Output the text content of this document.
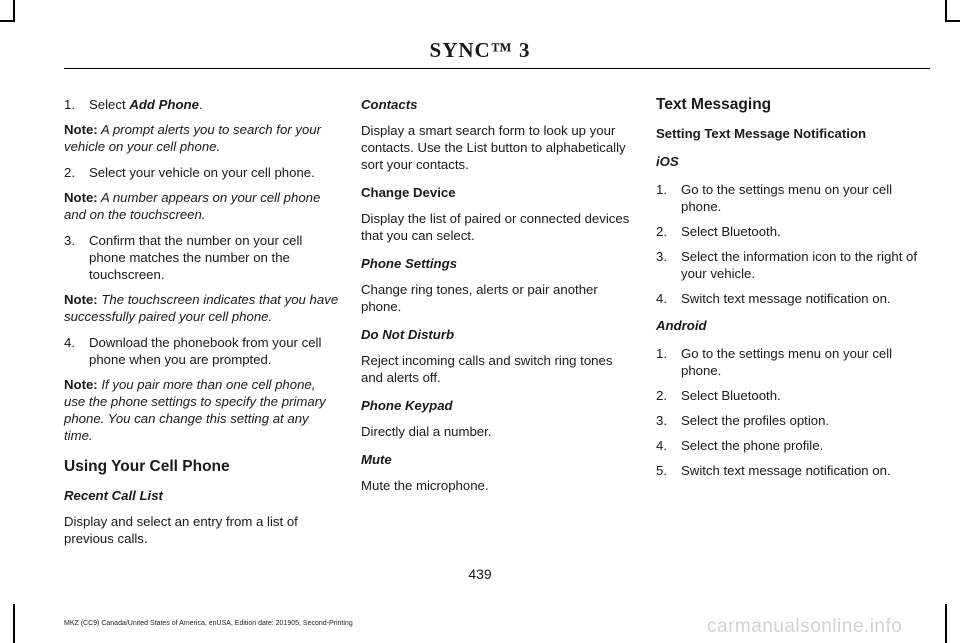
SYNC™ 3
1.	Select Add Phone.

Note: A prompt alerts you to search for your vehicle on your cell phone.

2.	Select your vehicle on your cell phone.

Note: A number appears on your cell phone and on the touchscreen.

3.	Confirm that the number on your cell phone matches the number on the touchscreen.

Note: The touchscreen indicates that you have successfully paired your cell phone.

4.	Download the phonebook from your cell phone when you are prompted.

Note: If you pair more than one cell phone, use the phone settings to specify the primary phone. You can change this setting at any time.

Using Your Cell Phone

Recent Call List

Display and select an entry from a list of previous calls.

Contacts

Display a smart search form to look up your contacts. Use the List button to alphabetically sort your contacts.

Change Device

Display the list of paired or connected devices that you can select.

Phone Settings

Change ring tones, alerts or pair another phone.

Do Not Disturb

Reject incoming calls and switch ring tones and alerts off.

Phone Keypad

Directly dial a number.

Mute

Mute the microphone.

Text Messaging

Setting Text Message Notification

iOS

1.	Go to the settings menu on your cell phone.
2.	Select Bluetooth.
3.	Select the information icon to the right of your vehicle.
4.	Switch text message notification on.

Android

1.	Go to the settings menu on your cell phone.
2.	Select Bluetooth.
3.	Select the profiles option.
4.	Select the phone profile.
5.	Switch text message notification on.
439
MKZ (CC9) Canada/United States of America, enUSA, Edition date: 201905, Second-Printing	carmanualsonline.info
